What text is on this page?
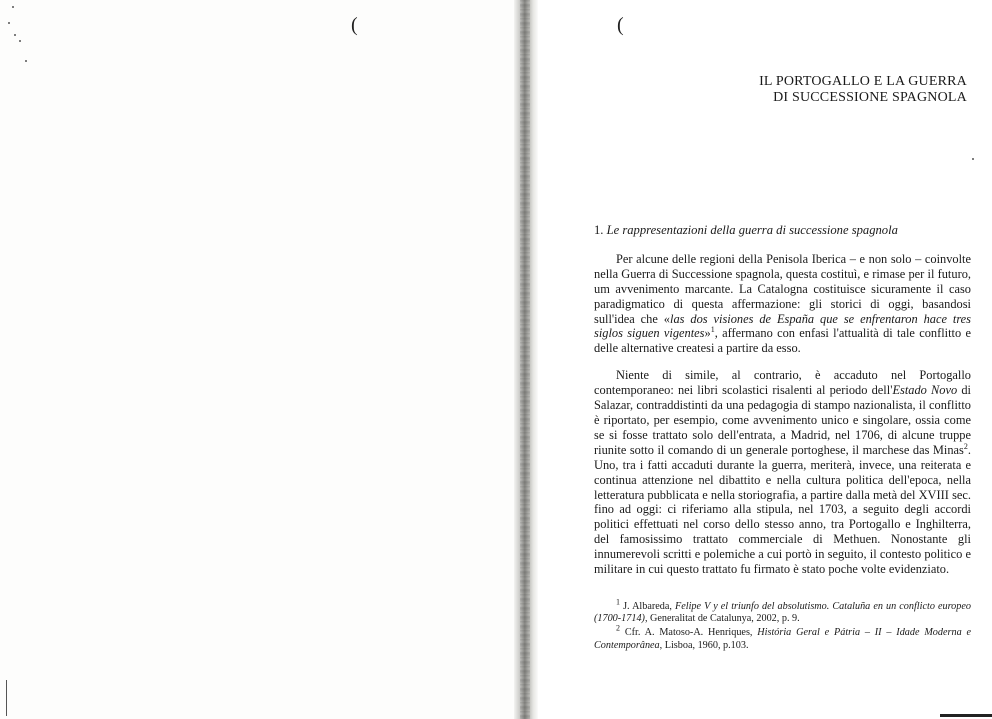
(	(
IL PORTOGALLO E LA GUERRA
DI SUCCESSIONE SPAGNOLA
1. Le rappresentazioni della guerra di successione spagnola

Per alcune delle regioni della Penisola Iberica – e non solo – coinvolte nella Guerra di Successione spagnola, questa costituì, e rimase per il futuro, um avvenimento marcante. La Catalogna costituisce sicuramente il caso paradigmatico di questa affermazione: gli storici di oggi, basandosi sull'idea che «las dos visiones de España que se enfrentaron hace tres siglos siguen vigentes»$^1$, affermano con enfasi l'attualità di tale conflitto e delle alternative createsi a partire da esso.

Niente di simile, al contrario, è accaduto nel Portogallo contemporaneo: nei libri scolastici risalenti al periodo dell'Estado Novo di Salazar, contraddistinti da una pedagogia di stampo nazionalista, il conflitto è riportato, per esempio, come avvenimento unico e singolare, ossia come se si fosse trattato solo dell'entrata, a Madrid, nel 1706, di alcune truppe riunite sotto il comando di un generale portoghese, il marchese das Minas$^2$. Uno, tra i fatti accaduti durante la guerra, meriterà, invece, una reiterata e continua attenzione nel dibattito e nella cultura politica dell'epoca, nella letteratura pubblicata e nella storiografia, a partire dalla metà del XVIII sec. fino ad oggi: ci riferiamo alla stipula, nel 1703, a seguito degli accordi politici effettuati nel corso dello stesso anno, tra Portogallo e Inghilterra, del famosissimo trattato commerciale di Methuen. Nonostante gli innumerevoli scritti e polemiche a cui portò in seguito, il contesto politico e militare in cui questo trattato fu firmato è stato poche volte evidenziato.

$^1$ J. Albareda, Felipe V y el triunfo del absolutismo. Cataluña en un conflicto europeo (1700-1714), Generalitat de Catalunya, 2002, p. 9.

$^2$ Cfr. A. Matoso-A. Henriques, História Geral e Pátria – II – Idade Moderna e Contemporânea, Lisboa, 1960, p.103.
